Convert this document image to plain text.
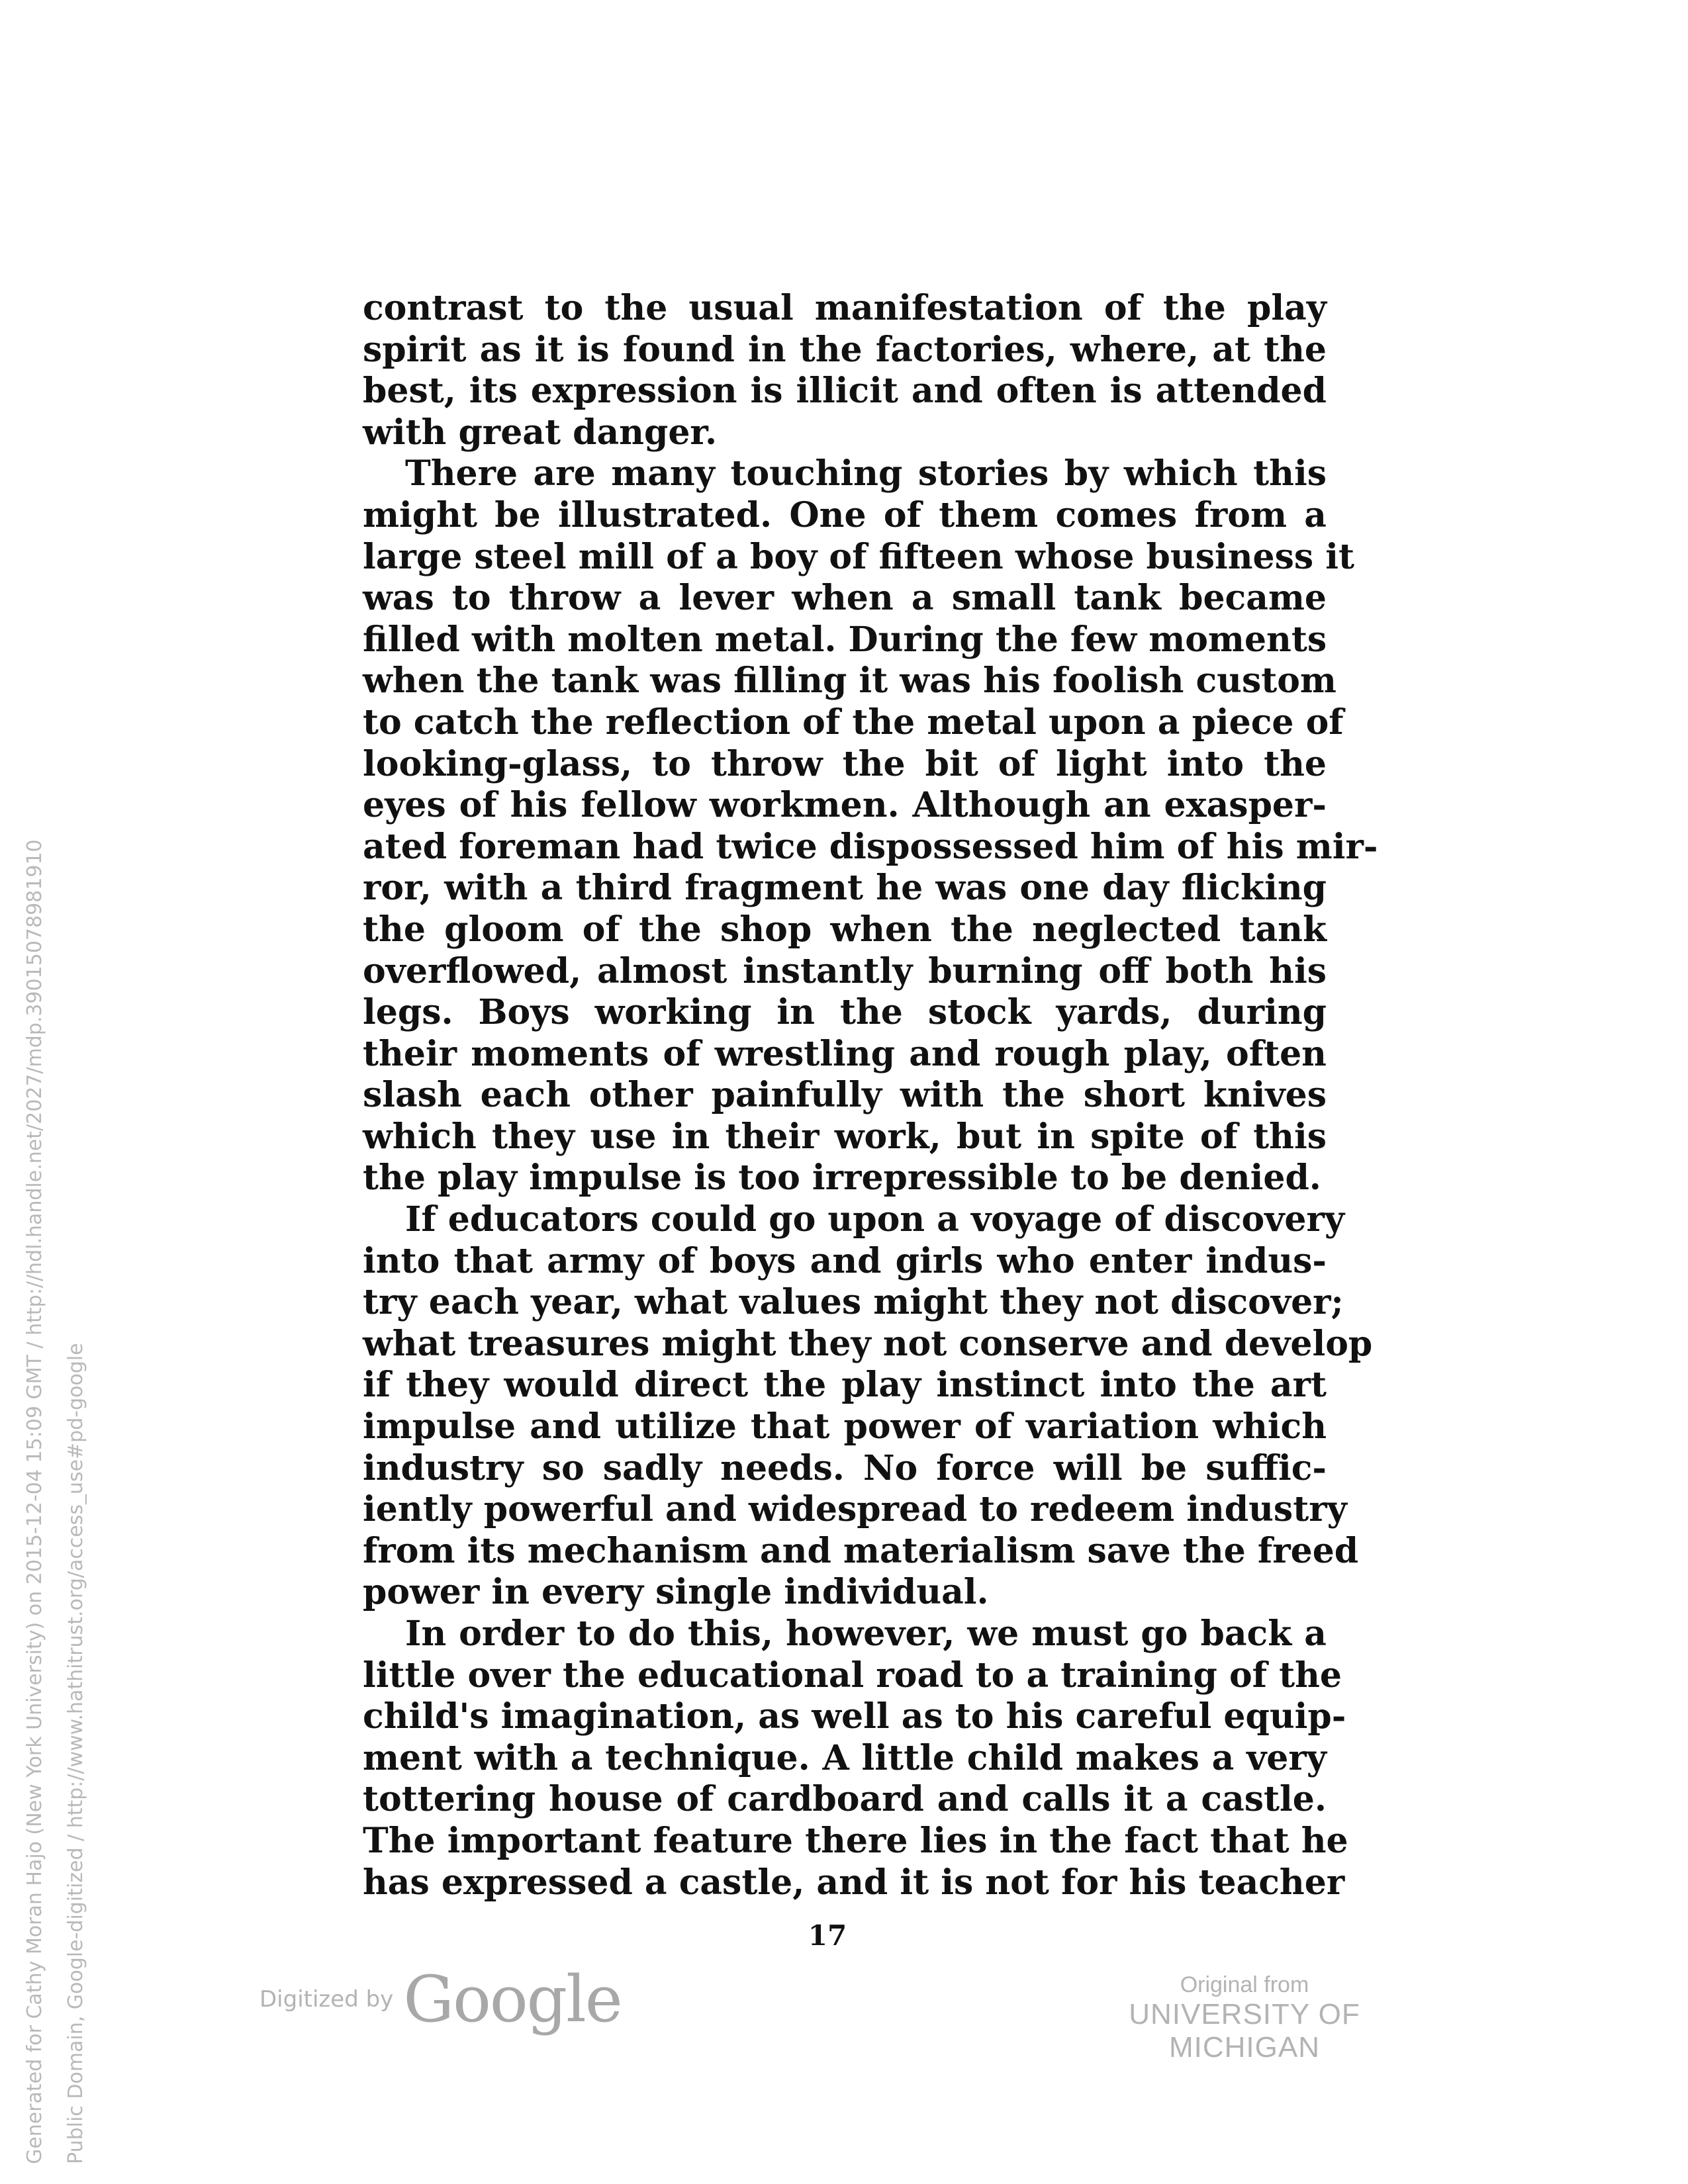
contrast to the usual manifestation of the play
spirit as it is found in the factories, where, at the
best, its expression is illicit and often is attended
with great danger.
There are many touching stories by which this
might be illustrated. One of them comes from a
large steel mill of a boy of fifteen whose business it
was to throw a lever when a small tank became
filled with molten metal. During the few moments
when the tank was filling it was his foolish custom
to catch the reflection of the metal upon a piece of
looking-glass, to throw the bit of light into the
eyes of his fellow workmen. Although an exasper-
ated foreman had twice dispossessed him of his mir-
ror, with a third fragment he was one day flicking
the gloom of the shop when the neglected tank
overflowed, almost instantly burning off both his
legs. Boys working in the stock yards, during
their moments of wrestling and rough play, often
slash each other painfully with the short knives
which they use in their work, but in spite of this
the play impulse is too irrepressible to be denied.
If educators could go upon a voyage of discovery
into that army of boys and girls who enter indus-
try each year, what values might they not discover;
what treasures might they not conserve and develop
if they would direct the play instinct into the art
impulse and utilize that power of variation which
industry so sadly needs. No force will be suffic-
iently powerful and widespread to redeem industry
from its mechanism and materialism save the freed
power in every single individual.
In order to do this, however, we must go back a
little over the educational road to a training of the
child's imagination, as well as to his careful equip-
ment with a technique. A little child makes a very
tottering house of cardboard and calls it a castle.
The important feature there lies in the fact that he
has expressed a castle, and it is not for his teacher
17
Generated for Cathy Moran Hajo (New York University) on 2015-12-04 15:09 GMT / http://hdl.handle.net/2027/mdp.39015078981910 Public Domain, Google-digitized / http://www.hathitrust.org/access_use#pd-google	Digitized by Google	Original from
UNIVERSITY OF MICHIGAN
